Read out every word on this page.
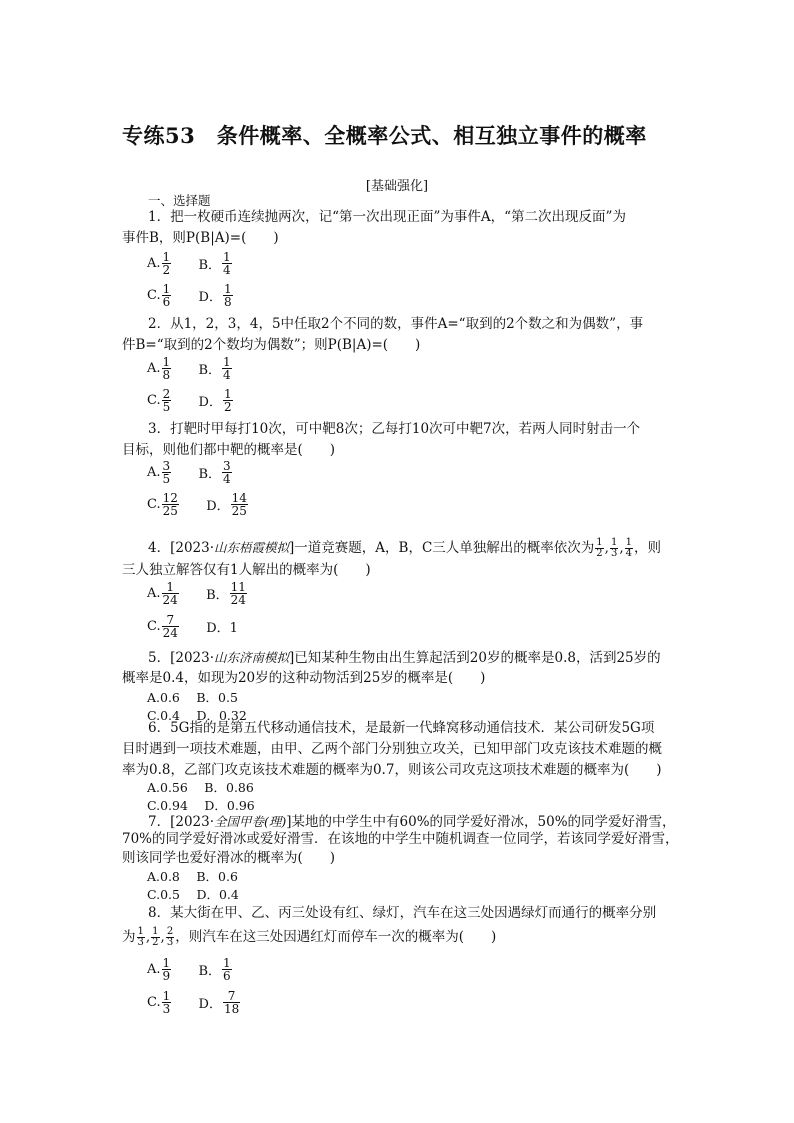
专练53　条件概率、全概率公式、相互独立事件的概率
[基础强化]
一、选择题
1．把一枚硬币连续抛两次，记“第一次出现正面”为事件A，“第二次出现反面”为
事件B，则P(B|A)=(　　)
A. $\frac{1}{2}$ B． $\frac{1}{4}$
C. $\frac{1}{6}$ D． $\frac{1}{8}$
2．从1，2，3，4，5中任取2个不同的数，事件A=“取到的2个数之和为偶数”，事
件B=“取到的2个数均为偶数”；则P(B|A)=(　　)
A. $\frac{1}{8}$ B． $\frac{1}{4}$
C. $\frac{2}{5}$ D． $\frac{1}{2}$
3．打靶时甲每打10次，可中靶8次；乙每打10次可中靶7次，若两人同时射击一个
目标，则他们都中靶的概率是(　　)
A. $\frac{3}{5}$ B． $\frac{3}{4}$
C. $\frac{12}{25}$ D． $\frac{14}{25}$
4．[2023·山东梧霞模拟]一道竞赛题，A，B，C三人单独解出的概率依次为 $\frac{1}{2}$ , $\frac{1}{3}$ , $\frac{1}{4}$ ，则
三人独立解答仅有1人解出的概率为(　　)
A. $\frac{1}{24}$ B． $\frac{11}{24}$
C. $\frac{7}{24}$ D．1
5．[2023·山东济南模拟]已知某种生物由出生算起活到20岁的概率是0.8，活到25岁的
概率是0.4，如现为20岁的这种动物活到25岁的概率是(　　)
A.0.6　 B．0.5
C.0.4　 D．0.32
6．5G指的是第五代移动通信技术，是最新一代蜂窝移动通信技术．某公司研发5G项
目时遇到一项技术难题，由甲、乙两个部门分别独立攻关，已知甲部门攻克该技术难题的概
率为0.8，乙部门攻克该技术难题的概率为0.7，则该公司攻克这项技术难题的概率为(　　)
A.0.56　 B．0.86
C.0.94　 D．0.96
7．[2023·全国甲卷(理)]某地的中学生中有60%的同学爱好滑冰，50%的同学爱好滑雪，
70%的同学爱好滑冰或爱好滑雪．在该地的中学生中随机调查一位同学，若该同学爱好滑雪，
则该同学也爱好滑冰的概率为(　　)
A.0.8　 B．0.6
C.0.5　 D．0.4
8．某大街在甲、乙、丙三处设有红、绿灯，汽车在这三处因遇绿灯而通行的概率分别
为 $\frac{1}{3}$ , $\frac{1}{2}$ , $\frac{2}{3}$ ，则汽车在这三处因遇红灯而停车一次的概率为(　　)
A. $\frac{1}{9}$ B． $\frac{1}{6}$
C. $\frac{1}{3}$ D． $\frac{7}{18}$
